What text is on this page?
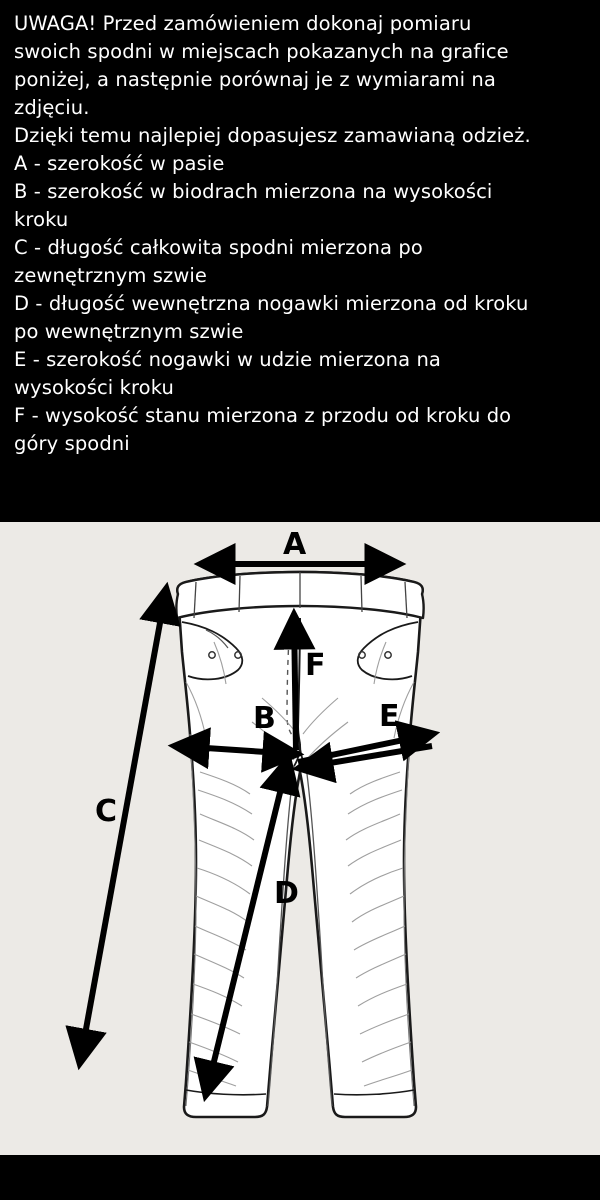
UWAGA! Przed zamówieniem dokonaj pomiaru
swoich spodni w miejscach pokazanych na grafice
poniżej, a następnie porównaj je z wymiarami na
zdjęciu.
Dzięki temu najlepiej dopasujesz zamawianą odzież.
A - szerokość w pasie
B - szerokość w biodrach mierzona na wysokości
kroku
C - długość całkowita spodni mierzona po
zewnętrznym szwie
D - długość wewnętrzna nogawki mierzona od kroku
po wewnętrznym szwie
E - szerokość nogawki w udzie mierzona na
wysokości kroku
F - wysokość stanu mierzona z przodu od kroku do
góry spodni
A
B
C
D
E
F
